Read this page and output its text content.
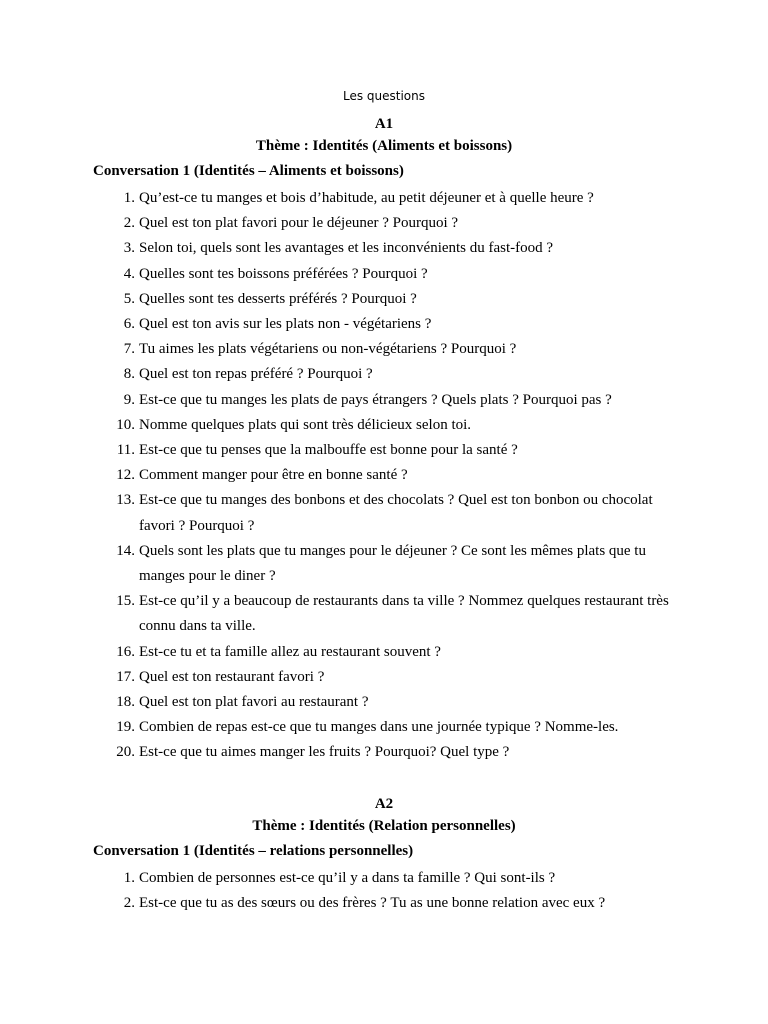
Les questions
A1
Thème : Identités (Aliments et boissons)
Conversation 1 (Identités – Aliments et boissons)
1. Qu’est-ce tu manges et bois d’habitude, au petit déjeuner et à quelle heure ?
2. Quel est ton plat favori pour le déjeuner ? Pourquoi ?
3. Selon toi, quels sont les avantages et les inconvénients du fast-food ?
4. Quelles sont tes boissons préférées ? Pourquoi ?
5. Quelles sont tes desserts préférés ? Pourquoi ?
6. Quel est ton avis sur les plats non - végétariens ?
7. Tu aimes les plats végétariens ou non-végétariens ? Pourquoi ?
8. Quel est ton repas préféré ? Pourquoi ?
9. Est-ce que tu manges les plats de pays étrangers ? Quels plats ? Pourquoi pas ?
10. Nomme quelques plats qui sont très délicieux selon toi.
11. Est-ce que tu penses que la malbouffe est bonne pour la santé ?
12. Comment manger pour être en bonne santé ?
13. Est-ce que tu manges des bonbons et des chocolats ? Quel est ton bonbon ou chocolat favori ? Pourquoi ?
14. Quels sont les plats que tu manges pour le déjeuner ? Ce sont les mêmes plats que tu manges pour le diner ?
15. Est-ce qu’il y a beaucoup de restaurants dans ta ville ? Nommez quelques restaurant très connu dans ta ville.
16. Est-ce tu et ta famille allez au restaurant souvent ?
17. Quel est ton restaurant favori ?
18. Quel est ton plat favori au restaurant ?
19. Combien de repas est-ce que tu manges dans une journée typique ? Nomme-les.
20. Est-ce que tu aimes manger les fruits ? Pourquoi? Quel type ?
A2
Thème : Identités (Relation personnelles)
Conversation 1 (Identités – relations personnelles)
1. Combien de personnes est-ce qu’il y a dans ta famille ? Qui sont-ils ?
2. Est-ce que tu as des sœurs ou des frères ? Tu as une bonne relation avec eux ?
